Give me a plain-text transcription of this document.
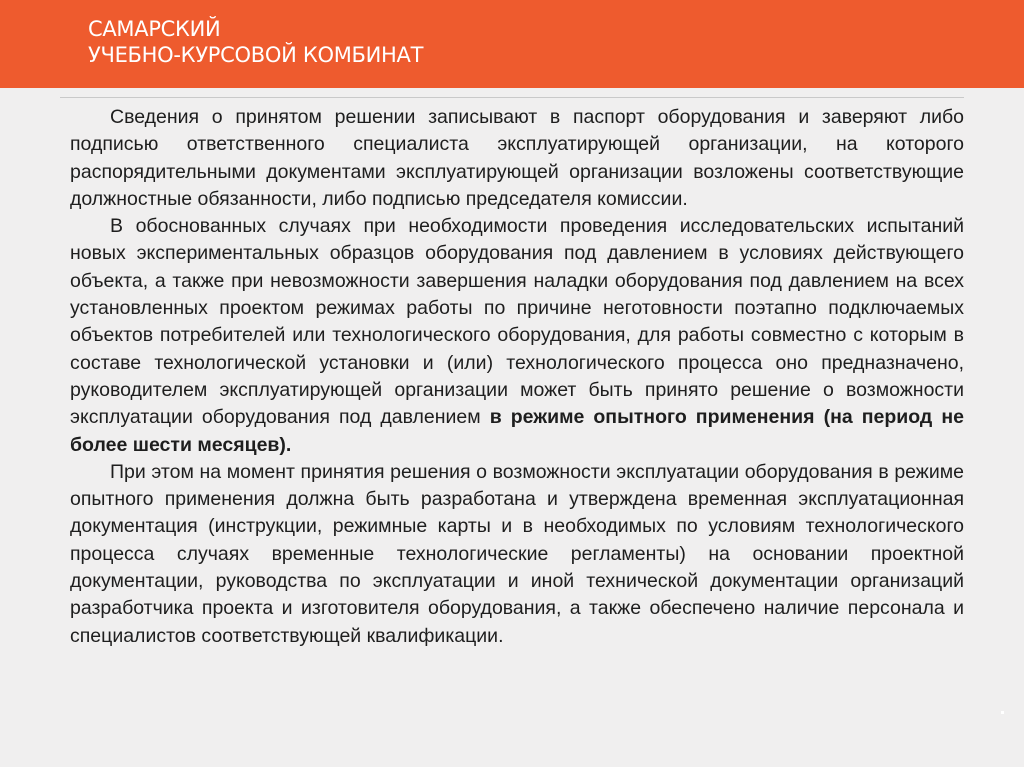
САМАРСКИЙ
УЧЕБНО-КУРСОВОЙ КОМБИНАТ

Сведения о принятом решении записывают в паспорт оборудования и заверяют либо подписью ответственного специалиста эксплуатирующей организации, на которого распорядительными документами эксплуатирующей организации возложены соответствующие должностные обязанности, либо подписью председателя комиссии.

В обоснованных случаях при необходимости проведения исследовательских испытаний новых экспериментальных образцов оборудования под давлением в условиях действующего объекта, а также при невозможности завершения наладки оборудования под давлением на всех установленных проектом режимах работы по причине неготовности поэтапно подключаемых объектов потребителей или технологического оборудования, для работы совместно с которым в составе технологической установки и (или) технологического процесса оно предназначено, руководителем эксплуатирующей организации может быть принято решение о возможности эксплуатации оборудования под давлением в режиме опытного применения (на период не более шести месяцев).

При этом на момент принятия решения о возможности эксплуатации оборудования в режиме опытного применения должна быть разработана и утверждена временная эксплуатационная документация (инструкции, режимные карты и в необходимых по условиям технологического процесса случаях временные технологические регламенты) на основании проектной документации, руководства по эксплуатации и иной технической документации организаций разработчика проекта и изготовителя оборудования, а также обеспечено наличие персонала и специалистов соответствующей квалификации.
